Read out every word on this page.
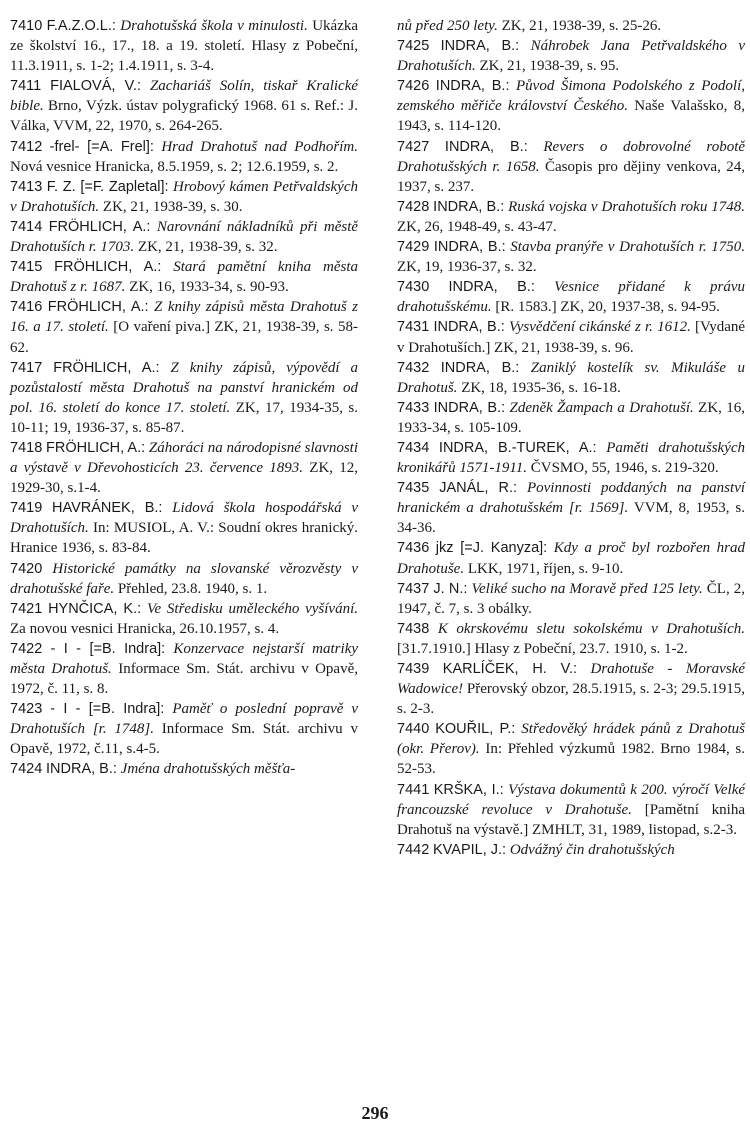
7410 F.A.Z.O.L.: Drahotušská škola v minulosti. Ukázka ze školství 16., 17., 18. a 19. století. Hlasy z Pobeční, 11.3.1911, s. 1-2; 1.4.1911, s. 3-4.
7411 FIALOVÁ, V.: Zachariáš Solín, tiskař Kralické bible. Brno, Výzk. ústav polygrafický 1968. 61 s. Ref.: J. Válka, VVM, 22, 1970, s. 264-265.
7412 -frel- [=A. Frel]: Hrad Drahotuš nad Podhořím. Nová vesnice Hranicka, 8.5.1959, s. 2; 12.6.1959, s. 2.
7413 F. Z. [=F. Zapletal]: Hrobový kámen Petřvaldských v Drahotuších. ZK, 21, 1938-39, s. 30.
7414 FRÖHLICH, A.: Narovnání nákladníků při městě Drahotuších r. 1703. ZK, 21, 1938-39, s. 32.
7415 FRÖHLICH, A.: Stará pamětní kniha města Drahotuš z r. 1687. ZK, 16, 1933-34, s. 90-93.
7416 FRÖHLICH, A.: Z knihy zápisů města Drahotuš z 16. a 17. století. [O vaření piva.] ZK, 21, 1938-39, s. 58-62.
7417 FRÖHLICH, A.: Z knihy zápisů, výpovědí a pozůstalostí města Drahotuš na panství hranickém od pol. 16. století do konce 17. století. ZK, 17, 1934-35, s. 10-11; 19, 1936-37, s. 85-87.
7418 FRÖHLICH, A.: Záhoráci na národopisné slavnosti a výstavě v Dřevohosticích 23. července 1893. ZK, 12, 1929-30, s.1-4.
7419 HAVRÁNEK, B.: Lidová škola hospodářská v Drahotuších. In: MUSIOL, A. V.: Soudní okres hranický. Hranice 1936, s. 83-84.
7420 Historické památky na slovanské věrozvěsty v drahotušské faře. Přehled, 23.8. 1940, s. 1.
7421 HYNČICA, K.: Ve Středisku uměleckého vyšívání. Za novou vesnici Hranicka, 26.10.1957, s. 4.
7422 - I - [=B. Indra]: Konzervace nejstarší matriky města Drahotuš. Informace Sm. Stát. archivu v Opavě, 1972, č. 11, s. 8.
7423 - I - [=B. Indra]: Paměť o poslední popravě v Drahotuších [r. 1748]. Informace Sm. Stát. archivu v Opavě, 1972, č.11, s.4-5.
7424 INDRA, B.: Jména drahotušských měšťa-
nů před 250 lety. ZK, 21, 1938-39, s. 25-26.
7425 INDRA, B.: Náhrobek Jana Petřvaldského v Drahotuších. ZK, 21, 1938-39, s. 95.
7426 INDRA, B.: Původ Šimona Podolského z Podolí, zemského měřiče království Českého. Naše Valašsko, 8, 1943, s. 114-120.
7427 INDRA, B.: Revers o dobrovolné robotě Drahotušských r. 1658. Časopis pro dějiny venkova, 24, 1937, s. 237.
7428 INDRA, B.: Ruská vojska v Drahotuších roku 1748. ZK, 26, 1948-49, s. 43-47.
7429 INDRA, B.: Stavba pranýře v Drahotuších r. 1750. ZK, 19, 1936-37, s. 32.
7430 INDRA, B.: Vesnice přidané k právu drahotušskému. [R. 1583.] ZK, 20, 1937-38, s. 94-95.
7431 INDRA, B.: Vysvědčení cikánské z r. 1612. [Vydané v Drahotuších.] ZK, 21, 1938-39, s. 96.
7432 INDRA, B.: Zaniklý kostelík sv. Mikuláše u Drahotuš. ZK, 18, 1935-36, s. 16-18.
7433 INDRA, B.: Zdeněk Žampach a Drahotuší. ZK, 16, 1933-34, s. 105-109.
7434 INDRA, B.-TUREK, A.: Paměti drahotušských kronikářů 1571-1911. ČVSMO, 55, 1946, s. 219-320.
7435 JANÁL, R.: Povinnosti poddaných na panství hranickém a drahotušském [r. 1569]. VVM, 8, 1953, s. 34-36.
7436 jkz [=J. Kanyza]: Kdy a proč byl rozbořen hrad Drahotuše. LKK, 1971, říjen, s. 9-10.
7437 J. N.: Veliké sucho na Moravě před 125 lety. ČL, 2, 1947, č. 7, s. 3 obálky.
7438 K okrskovému sletu sokolskému v Drahotuších. [31.7.1910.] Hlasy z Pobeční, 23.7. 1910, s. 1-2.
7439 KARLÍČEK, H. V.: Drahotuše - Moravské Wadowice! Přerovský obzor, 28.5.1915, s. 2-3; 29.5.1915, s. 2-3.
7440 KOUŘIL, P.: Středověký hrádek pánů z Drahotuš (okr. Přerov). In: Přehled výzkumů 1982. Brno 1984, s. 52-53.
7441 KRŠKA, I.: Výstava dokumentů k 200. výročí Velké francouzské revoluce v Drahotuše. [Pamětní kniha Drahotuš na výstavě.] ZMHLT, 31, 1989, listopad, s.2-3.
7442 KVAPIL, J.: Odvážný čin drahotušských
296
